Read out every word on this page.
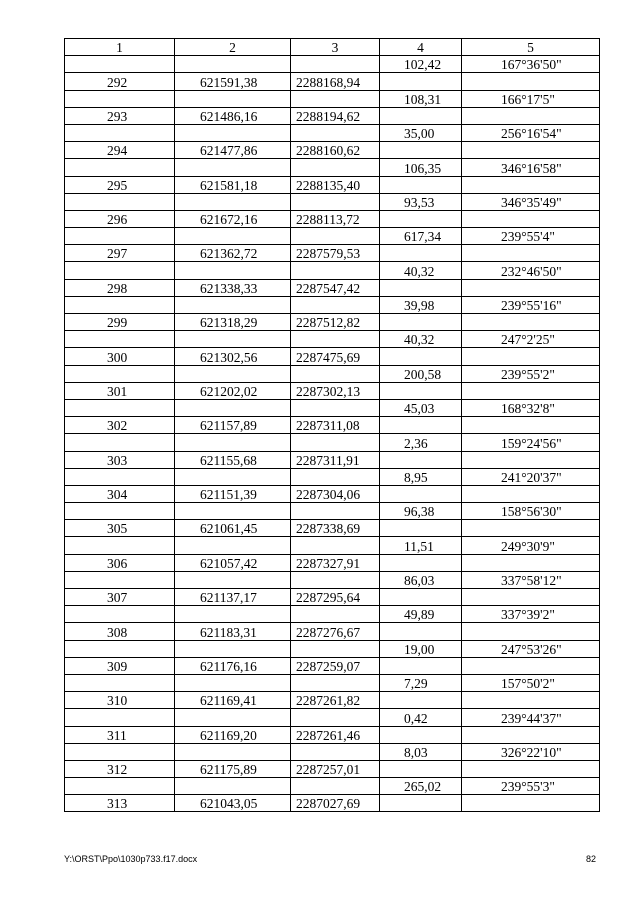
1	2	3	4	5
			102,42	167°36'50"
292	621591,38	2288168,94		
			108,31	166°17'5"
293	621486,16	2288194,62		
			35,00	256°16'54"
294	621477,86	2288160,62		
			106,35	346°16'58"
295	621581,18	2288135,40		
			93,53	346°35'49"
296	621672,16	2288113,72		
			617,34	239°55'4"
297	621362,72	2287579,53		
			40,32	232°46'50"
298	621338,33	2287547,42		
			39,98	239°55'16"
299	621318,29	2287512,82		
			40,32	247°2'25"
300	621302,56	2287475,69		
			200,58	239°55'2"
301	621202,02	2287302,13		
			45,03	168°32'8"
302	621157,89	2287311,08		
			2,36	159°24'56"
303	621155,68	2287311,91		
			8,95	241°20'37"
304	621151,39	2287304,06		
			96,38	158°56'30"
305	621061,45	2287338,69		
			11,51	249°30'9"
306	621057,42	2287327,91		
			86,03	337°58'12"
307	621137,17	2287295,64		
			49,89	337°39'2"
308	621183,31	2287276,67		
			19,00	247°53'26"
309	621176,16	2287259,07		
			7,29	157°50'2"
310	621169,41	2287261,82		
			0,42	239°44'37"
311	621169,20	2287261,46		
			8,03	326°22'10"
312	621175,89	2287257,01		
			265,02	239°55'3"
313	621043,05	2287027,69		
Y:\ORST\Ppo\1030p733.f17.docx	82
